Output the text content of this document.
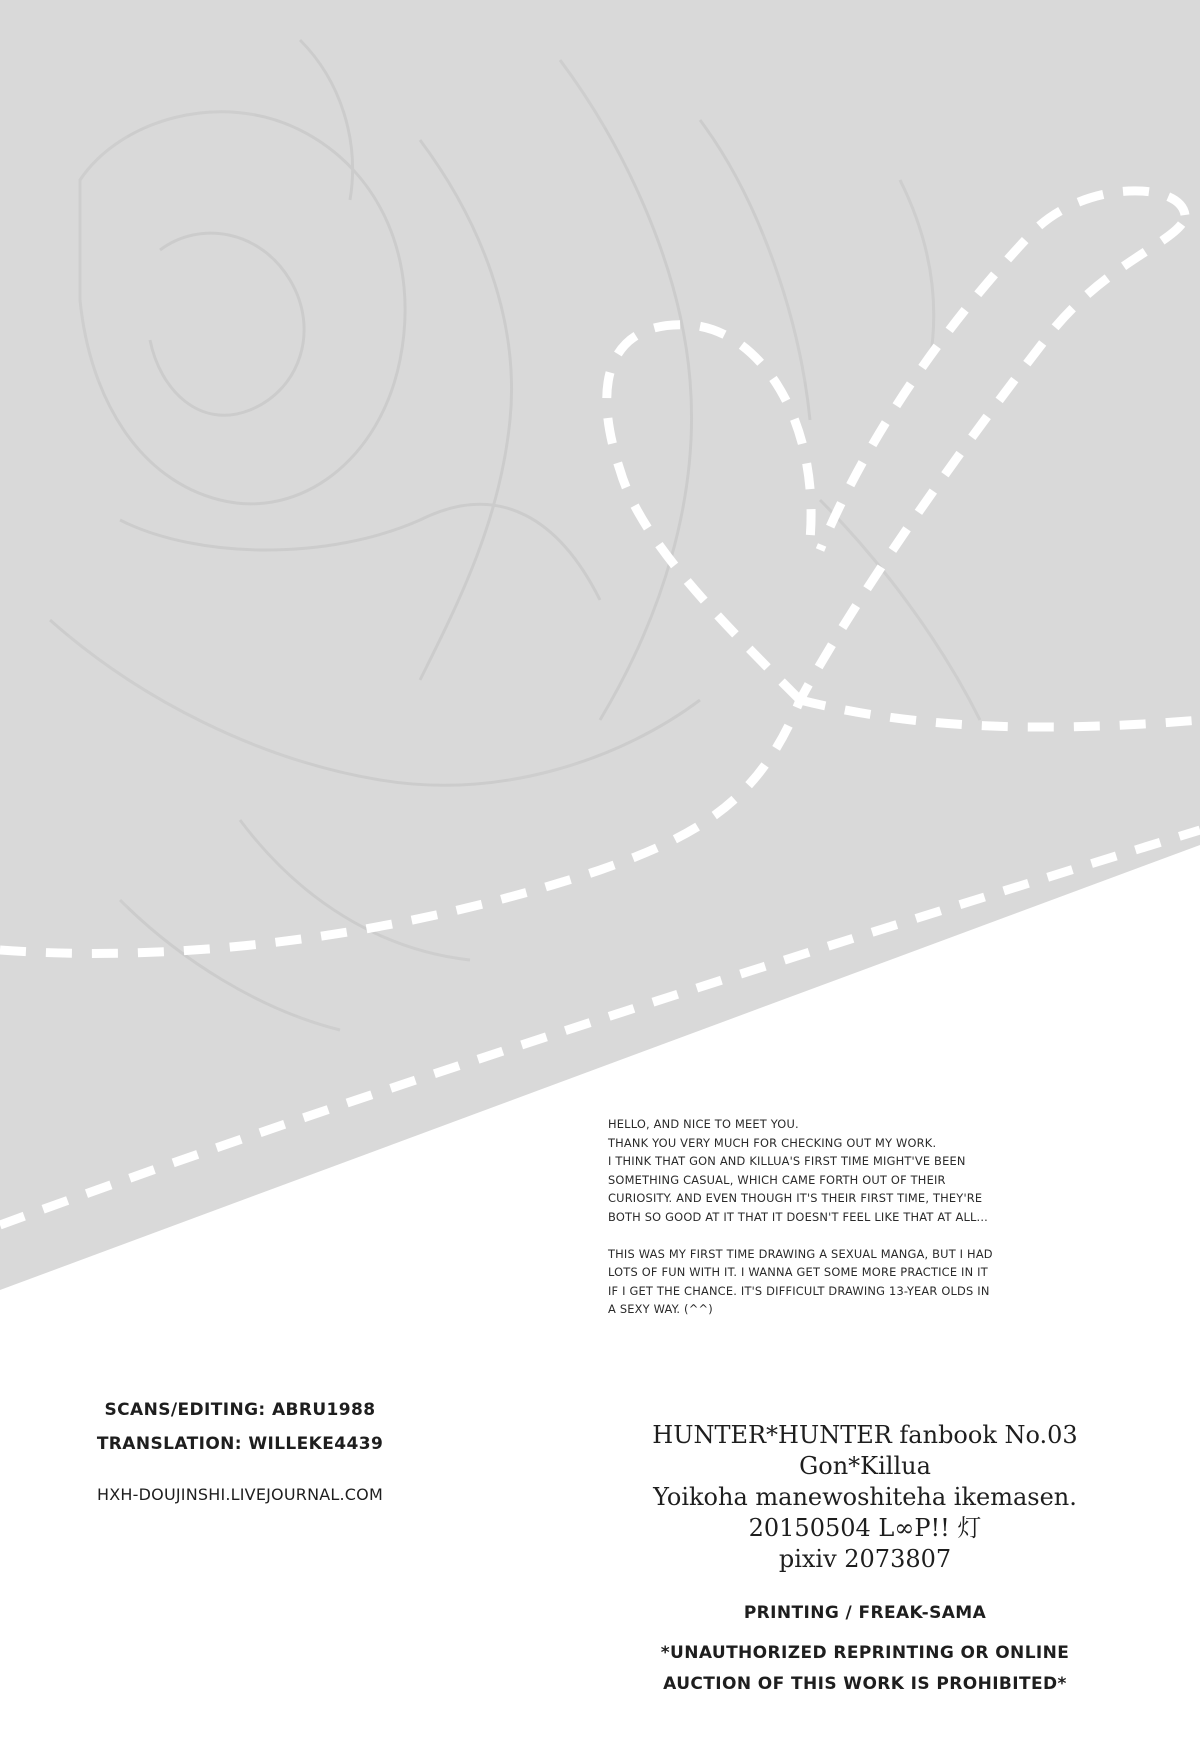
HELLO, AND NICE TO MEET YOU.
THANK YOU VERY MUCH FOR CHECKING OUT MY WORK.
I THINK THAT GON AND KILLUA'S FIRST TIME MIGHT'VE BEEN
SOMETHING CASUAL, WHICH CAME FORTH OUT OF THEIR
CURIOSITY. AND EVEN THOUGH IT'S THEIR FIRST TIME, THEY'RE
BOTH SO GOOD AT IT THAT IT DOESN'T FEEL LIKE THAT AT ALL...
THIS WAS MY FIRST TIME DRAWING A SEXUAL MANGA, BUT I HAD
LOTS OF FUN WITH IT. I WANNA GET SOME MORE PRACTICE IN IT
IF I GET THE CHANCE. IT'S DIFFICULT DRAWING 13-YEAR OLDS IN
A SEXY WAY. (^^)
SCANS/EDITING: ABRU1988
TRANSLATION: WILLEKE4439
HXH-DOUJINSHI.LIVEJOURNAL.COM
HUNTER*HUNTER fanbook No.03
Gon*Killua
Yoikoha manewoshiteha ikemasen.
20150504 L∞P!! 灯
pixiv 2073807
PRINTING / FREAK-SAMA
*UNAUTHORIZED REPRINTING OR ONLINE
AUCTION OF THIS WORK IS PROHIBITED*
